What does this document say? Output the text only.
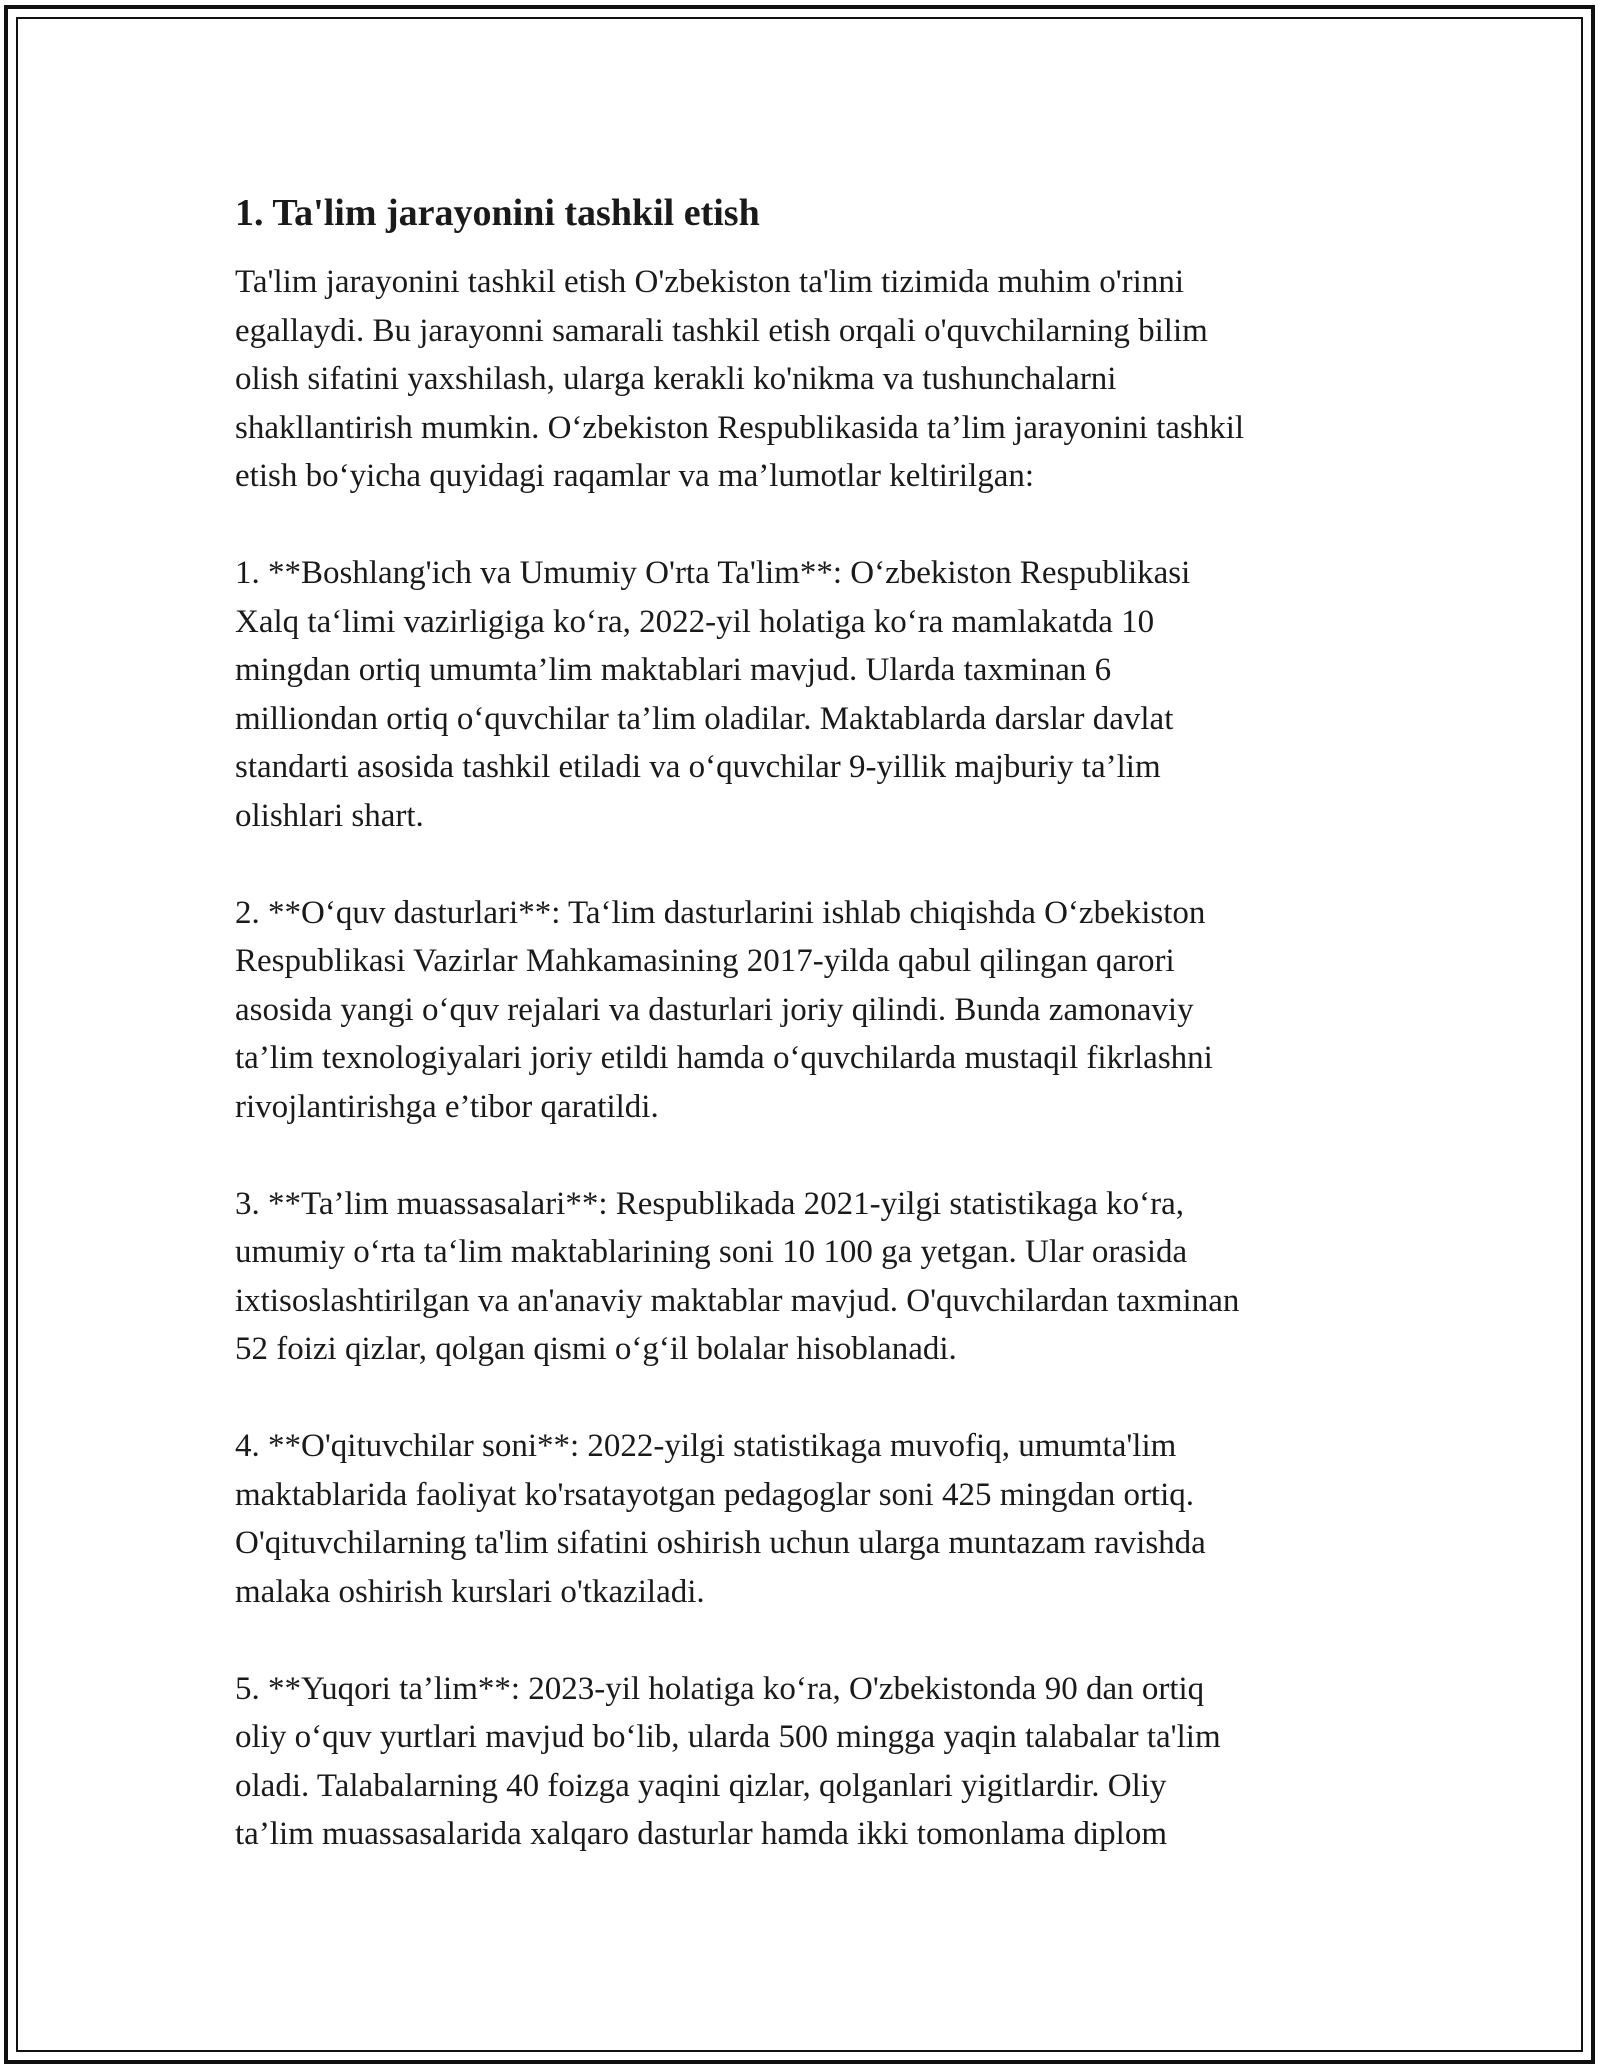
1. Ta'lim jarayonini tashkil etish

Ta'lim jarayonini tashkil etish O'zbekiston ta'lim tizimida muhim o'rinni
egallaydi. Bu jarayonni samarali tashkil etish orqali o'quvchilarning bilim
olish sifatini yaxshilash, ularga kerakli ko'nikma va tushunchalarni
shakllantirish mumkin. O‘zbekiston Respublikasida ta’lim jarayonini tashkil
etish bo‘yicha quyidagi raqamlar va ma’lumotlar keltirilgan:

1. **Boshlang'ich va Umumiy O'rta Ta'lim**: O‘zbekiston Respublikasi
Xalq ta‘limi vazirligiga ko‘ra, 2022-yil holatiga ko‘ra mamlakatda 10
mingdan ortiq umumta’lim maktablari mavjud. Ularda taxminan 6
milliondan ortiq o‘quvchilar ta’lim oladilar. Maktablarda darslar davlat
standarti asosida tashkil etiladi va o‘quvchilar 9-yillik majburiy ta’lim
olishlari shart.

2. **O‘quv dasturlari**: Ta‘lim dasturlarini ishlab chiqishda O‘zbekiston
Respublikasi Vazirlar Mahkamasining 2017-yilda qabul qilingan qarori
asosida yangi o‘quv rejalari va dasturlari joriy qilindi. Bunda zamonaviy
ta’lim texnologiyalari joriy etildi hamda o‘quvchilarda mustaqil fikrlashni
rivojlantirishga e’tibor qaratildi.

3. **Ta’lim muassasalari**: Respublikada 2021-yilgi statistikaga ko‘ra,
umumiy o‘rta ta‘lim maktablarining soni 10 100 ga yetgan. Ular orasida
ixtisoslashtirilgan va an'anaviy maktablar mavjud. O'quvchilardan taxminan
52 foizi qizlar, qolgan qismi o‘g‘il bolalar hisoblanadi.

4. **O'qituvchilar soni**: 2022-yilgi statistikaga muvofiq, umumta'lim
maktablarida faoliyat ko'rsatayotgan pedagoglar soni 425 mingdan ortiq.
O'qituvchilarning ta'lim sifatini oshirish uchun ularga muntazam ravishda
malaka oshirish kurslari o'tkaziladi.

5. **Yuqori ta’lim**: 2023-yil holatiga ko‘ra, O'zbekistonda 90 dan ortiq
oliy o‘quv yurtlari mavjud bo‘lib, ularda 500 mingga yaqin talabalar ta'lim
oladi. Talabalarning 40 foizga yaqini qizlar, qolganlari yigitlardir. Oliy
ta’lim muassasalarida xalqaro dasturlar hamda ikki tomonlama diplom
